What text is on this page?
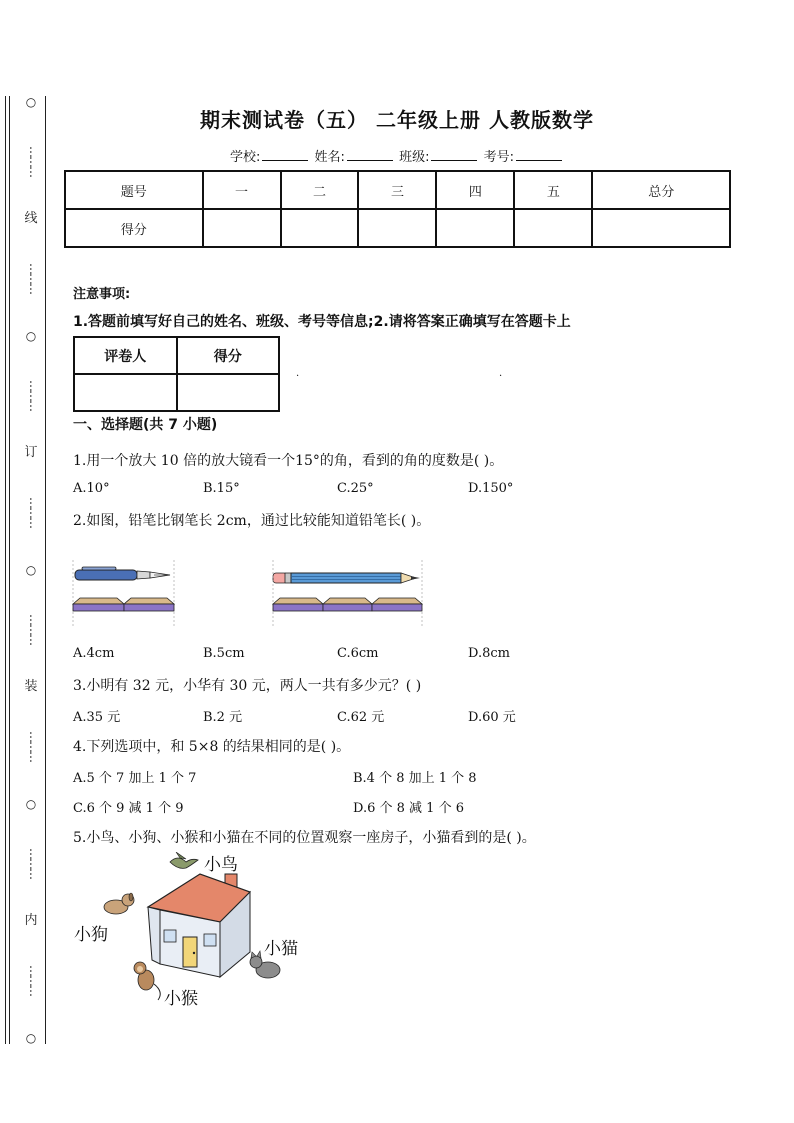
○
⋯⋯⋯
线
⋯⋯⋯
○
⋯⋯⋯
订
⋯⋯⋯
○
⋯⋯⋯
装
⋯⋯⋯
○
⋯⋯⋯
内
⋯⋯⋯
○
期末测试卷（五） 二年级上册 人教版数学
学校:	姓名:	班级:	考号:
题号	一	二	三	四	五	总分
得分						
注意事项:
1.答题前填写好自己的姓名、班级、考号等信息;2.请将答案正确填写在答题卡上
评卷人	得分

.	.
一、选择题(共 7 小题)
1.用一个放大 10 倍的放大镜看一个15°的角，看到的角的度数是( )。
A.10°	B.15°	C.25°	D.150°
2.如图，铅笔比钢笔长 2cm，通过比较能知道铅笔长( )。
A.4cm	B.5cm	C.6cm	D.8cm
3.小明有 32 元，小华有 30 元，两人一共有多少元？( )
A.35 元	B.2 元	C.62 元	D.60 元
4.下列选项中，和 5×8 的结果相同的是( )。
A.5 个 7 加上 1 个 7	B.4 个 8 加上 1 个 8
C.6 个 9 减 1 个 9	D.6 个 8 减 1 个 6
5.小鸟、小狗、小猴和小猫在不同的位置观察一座房子，小猫看到的是( )。
小鸟
小狗
小猫
小猴
